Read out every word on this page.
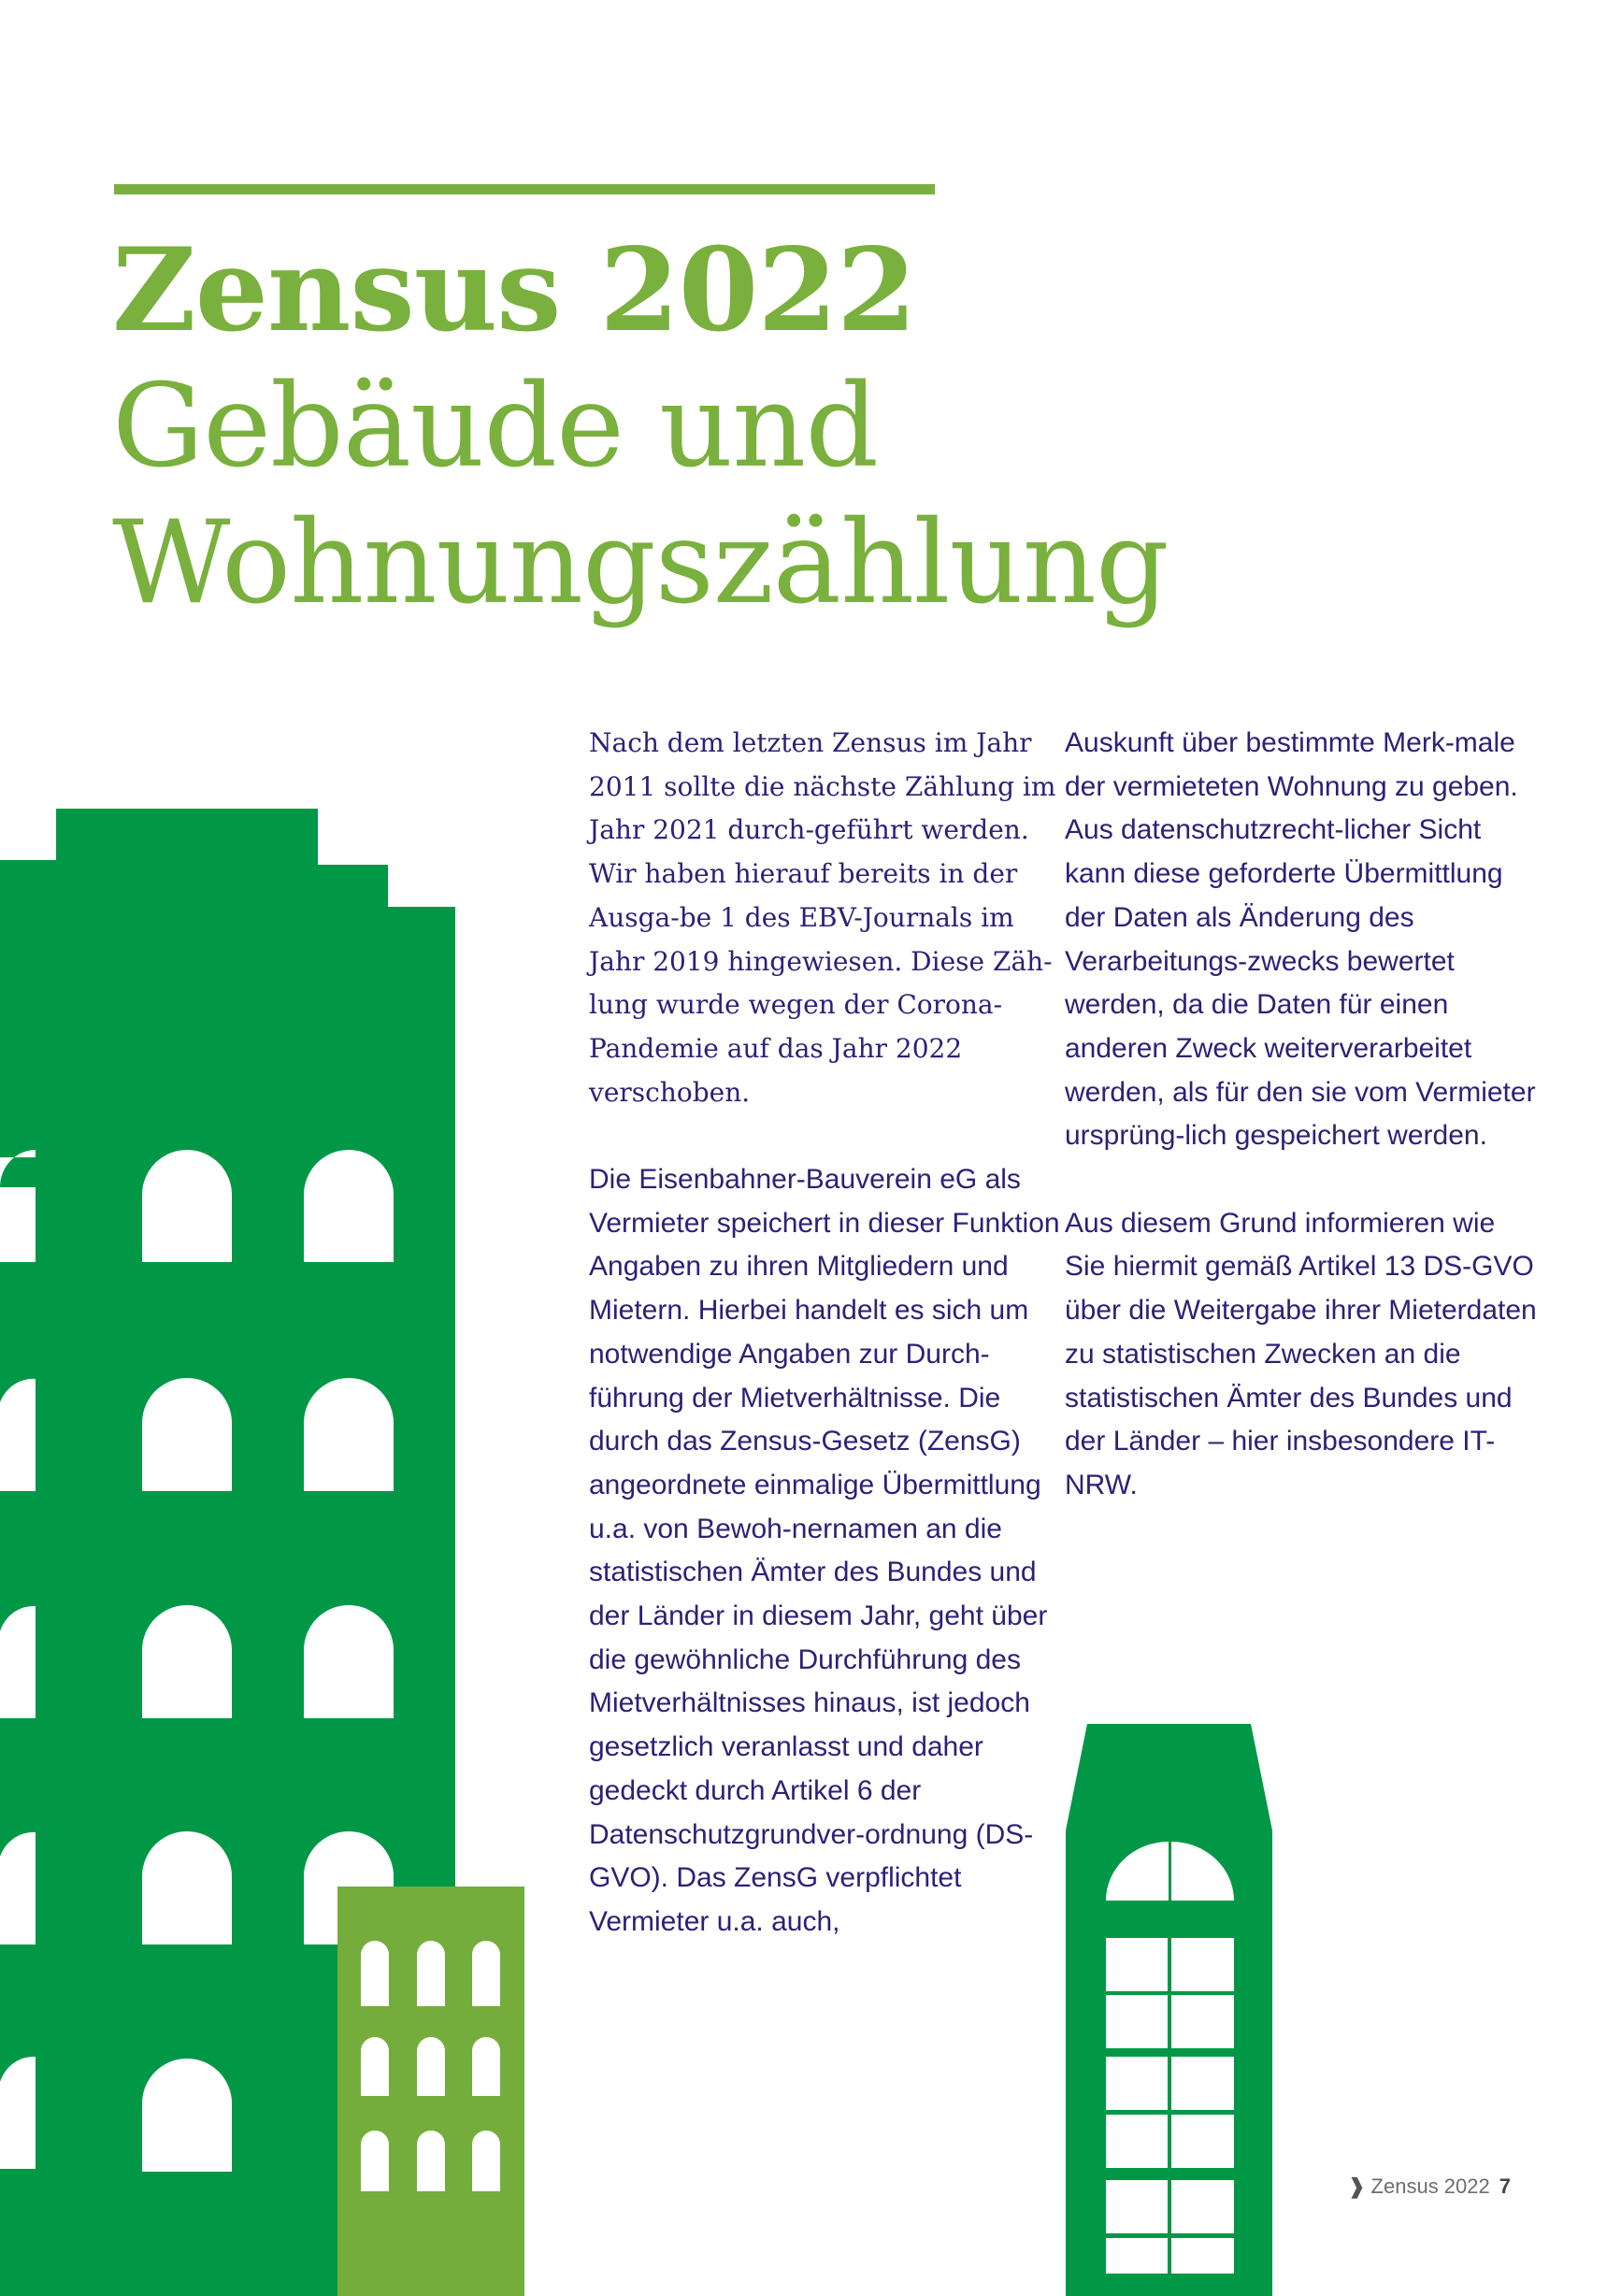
Zensus 2022
Gebäude und
Wohnungszählung

Nach dem letzten Zensus im Jahr 2011 sollte die nächste Zählung im Jahr 2021 durch-geführt werden. Wir haben hierauf bereits in der Ausga-be 1 des EBV-Journals im Jahr 2019 hingewiesen. Diese Zäh-lung wurde wegen der Corona-Pandemie auf das Jahr 2022 verschoben.

Die Eisenbahner-Bauverein eG als Vermieter speichert in dieser Funktion Angaben zu ihren Mitgliedern und Mietern. Hierbei handelt es sich um notwendige Angaben zur Durch-führung der Mietverhältnisse. Die durch das Zensus-Gesetz (ZensG) angeordnete einmalige Übermittlung u.a. von Bewoh-nernamen an die statistischen Ämter des Bundes und der Länder in diesem Jahr, geht über die gewöhnliche Durchführung des Mietverhältnisses hinaus, ist jedoch gesetzlich veranlasst und daher gedeckt durch Artikel 6 der Datenschutzgrundver-ordnung (DS-GVO). Das ZensG verpflichtet Vermieter u.a. auch,

Auskunft über bestimmte Merk-male der vermieteten Wohnung zu geben. Aus datenschutzrecht-licher Sicht kann diese geforderte Übermittlung der Daten als Änderung des Verarbeitungs-zwecks bewertet werden, da die Daten für einen anderen Zweck weiterverarbeitet werden, als für den sie vom Vermieter ursprüng-lich gespeichert werden.

Aus diesem Grund informieren wie Sie hiermit gemäß Artikel 13 DS-GVO über die Weitergabe ihrer Mieterdaten zu statistischen Zwecken an die statistischen Ämter des Bundes und der Länder – hier insbesondere IT-NRW.

❱ Zensus 2022 7
